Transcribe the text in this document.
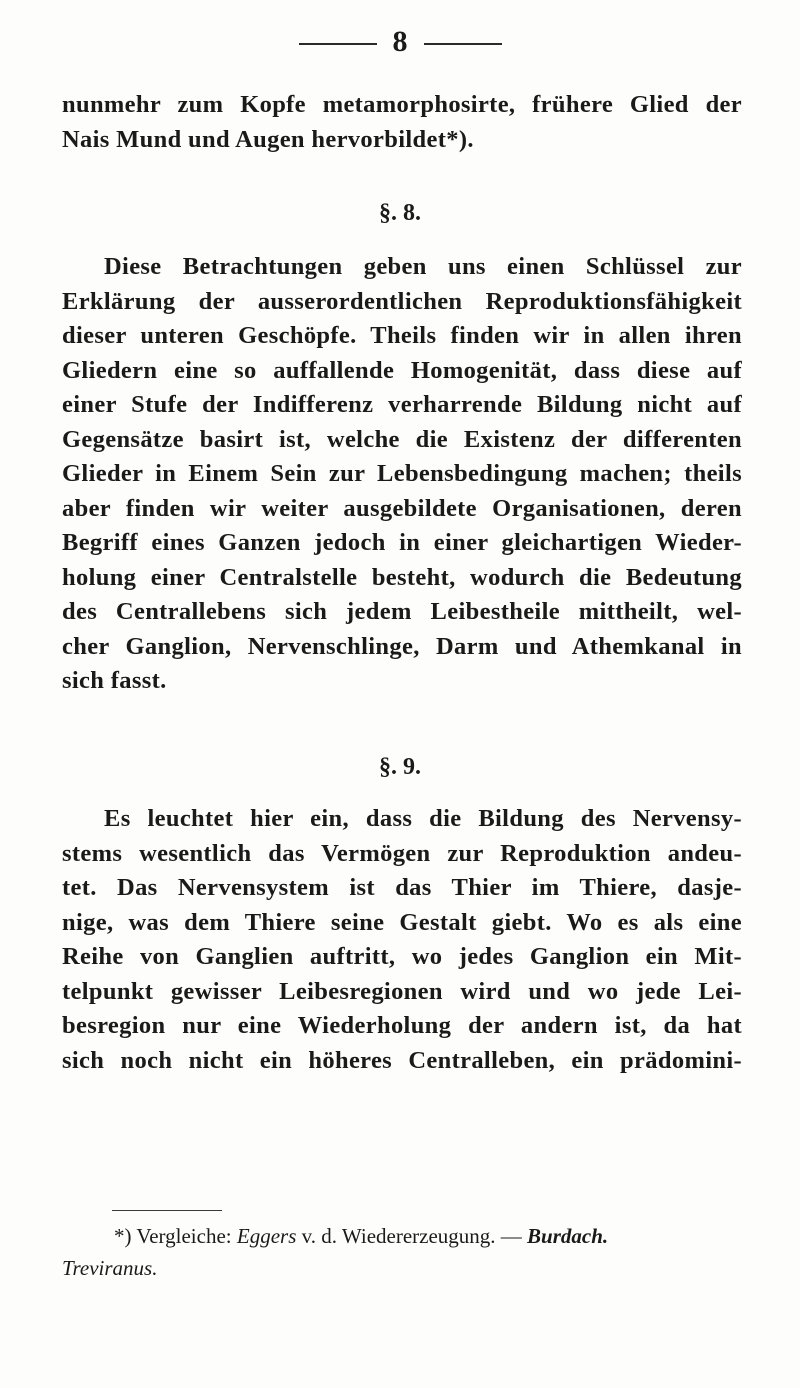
8
nunmehr zum Kopfe metamorphosirte, frühere Glied der
Nais Mund und Augen hervorbildet*).
§. 8.
Diese Betrachtungen geben uns einen Schlüssel zur
Erklärung der ausserordentlichen Reproduktionsfähigkeit
dieser unteren Geschöpfe. Theils finden wir in allen ihren
Gliedern eine so auffallende Homogenität, dass diese auf
einer Stufe der Indifferenz verharrende Bildung nicht auf
Gegensätze basirt ist, welche die Existenz der differenten
Glieder in Einem Sein zur Lebensbedingung machen; theils
aber finden wir weiter ausgebildete Organisationen, deren
Begriff eines Ganzen jedoch in einer gleichartigen Wieder-
holung einer Centralstelle besteht, wodurch die Bedeutung
des Centrallebens sich jedem Leibestheile mittheilt, wel-
cher Ganglion, Nervenschlinge, Darm und Athemkanal in
sich fasst.
§. 9.
Es leuchtet hier ein, dass die Bildung des Nervensy-
stems wesentlich das Vermögen zur Reproduktion andeu-
tet. Das Nervensystem ist das Thier im Thiere, dasje-
nige, was dem Thiere seine Gestalt giebt. Wo es als eine
Reihe von Ganglien auftritt, wo jedes Ganglion ein Mit-
telpunkt gewisser Leibesregionen wird und wo jede Lei-
besregion nur eine Wiederholung der andern ist, da hat
sich noch nicht ein höheres Centralleben, ein prädomini-
*) Vergleiche: Eggers v. d. Wiedererzeugung. — Burdach.
Treviranus.
